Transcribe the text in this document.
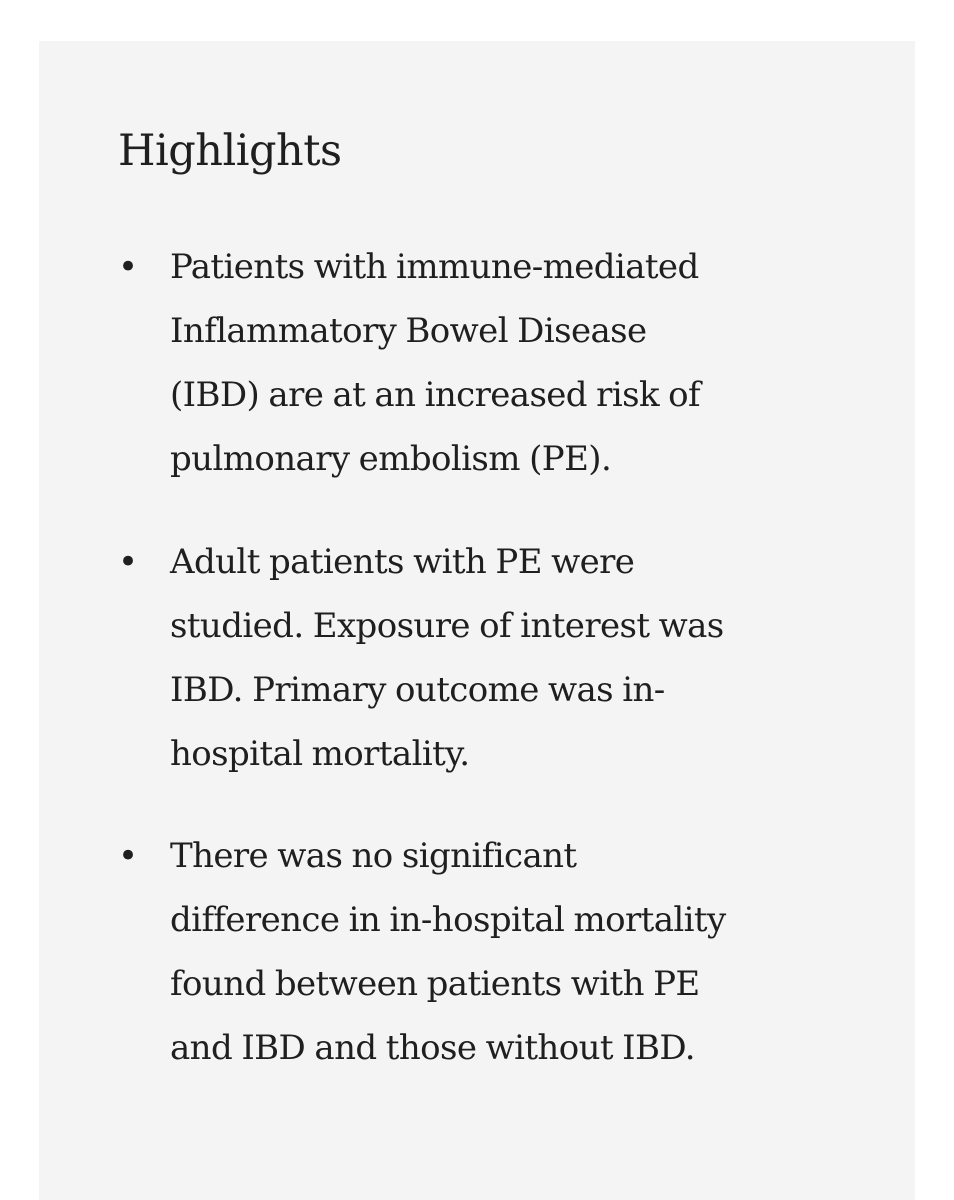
Highlights
• Patients with immune-mediated
Inflammatory Bowel Disease
(IBD) are at an increased risk of
pulmonary embolism (PE).
• Adult patients with PE were
studied. Exposure of interest was
IBD. Primary outcome was in-
hospital mortality.
• There was no significant
difference in in-hospital mortality
found between patients with PE
and IBD and those without IBD.
